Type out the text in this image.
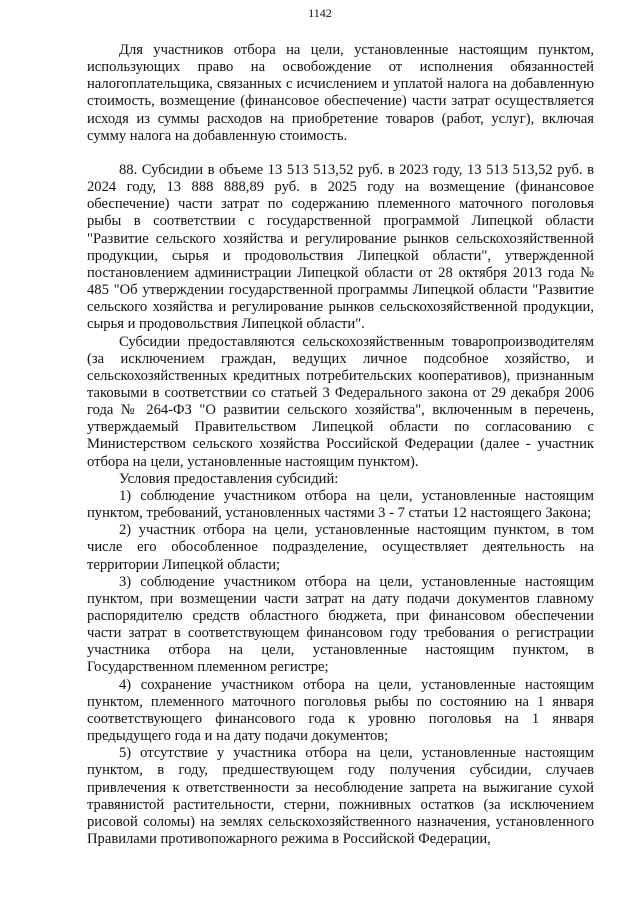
1142

Для участников отбора на цели, установленные настоящим пунктом, использующих право на освобождение от исполнения обязанностей налогоплательщика, связанных с исчислением и уплатой налога на добавленную стоимость, возмещение (финансовое обеспечение) части затрат осуществляется исходя из суммы расходов на приобретение товаров (работ, услуг), включая сумму налога на добавленную стоимость.

88. Субсидии в объеме 13 513 513,52 руб. в 2023 году, 13 513 513,52 руб. в 2024 году, 13 888 888,89 руб. в 2025 году на возмещение (финансовое обеспечение) части затрат по содержанию племенного маточного поголовья рыбы в соответствии с государственной программой Липецкой области "Развитие сельского хозяйства и регулирование рынков сельскохозяйственной продукции, сырья и продовольствия Липецкой области", утвержденной постановлением администрации Липецкой области от 28 октября 2013 года № 485 "Об утверждении государственной программы Липецкой области "Развитие сельского хозяйства и регулирование рынков сельскохозяйственной продукции, сырья и продовольствия Липецкой области".

Субсидии предоставляются сельскохозяйственным товаропроизводителям (за исключением граждан, ведущих личное подсобное хозяйство, и сельскохозяйственных кредитных потребительских кооперативов), признанным таковыми в соответствии со статьей 3 Федерального закона от 29 декабря 2006 года № 264-ФЗ "О развитии сельского хозяйства", включенным в перечень, утверждаемый Правительством Липецкой области по согласованию с Министерством сельского хозяйства Российской Федерации (далее - участник отбора на цели, установленные настоящим пунктом).

Условия предоставления субсидий:

1) соблюдение участником отбора на цели, установленные настоящим пунктом, требований, установленных частями 3 - 7 статьи 12 настоящего Закона;

2) участник отбора на цели, установленные настоящим пунктом, в том числе его обособленное подразделение, осуществляет деятельность на территории Липецкой области;

3) соблюдение участником отбора на цели, установленные настоящим пунктом, при возмещении части затрат на дату подачи документов главному распорядителю средств областного бюджета, при финансовом обеспечении части затрат в соответствующем финансовом году требования о регистрации участника отбора на цели, установленные настоящим пунктом, в Государственном племенном регистре;

4) сохранение участником отбора на цели, установленные настоящим пунктом, племенного маточного поголовья рыбы по состоянию на 1 января соответствующего финансового года к уровню поголовья на 1 января предыдущего года и на дату подачи документов;

5) отсутствие у участника отбора на цели, установленные настоящим пунктом, в году, предшествующем году получения субсидии, случаев привлечения к ответственности за несоблюдение запрета на выжигание сухой травянистой растительности, стерни, пожнивных остатков (за исключением рисовой соломы) на землях сельскохозяйственного назначения, установленного Правилами противопожарного режима в Российской Федерации,
